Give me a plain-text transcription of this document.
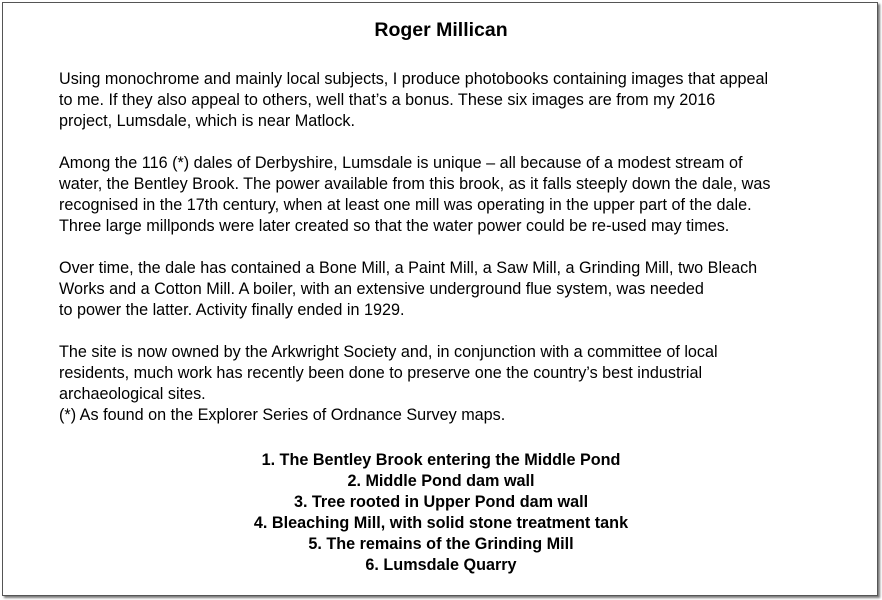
Roger Millican
Using monochrome and mainly local subjects, I produce photobooks containing images that appeal
to me. If they also appeal to others, well that’s a bonus. These six images are from my 2016
project, Lumsdale, which is near Matlock.
Among the 116 (*) dales of Derbyshire, Lumsdale is unique – all because of a modest stream of
water, the Bentley Brook. The power available from this brook, as it falls steeply down the dale, was
recognised in the 17th century, when at least one mill was operating in the upper part of the dale.
Three large millponds were later created so that the water power could be re-used may times.
Over time, the dale has contained a Bone Mill, a Paint Mill, a Saw Mill, a Grinding Mill, two Bleach
Works and a Cotton Mill. A boiler, with an extensive underground flue system, was needed
to power the latter. Activity finally ended in 1929.
The site is now owned by the Arkwright Society and, in conjunction with a committee of local
residents, much work has recently been done to preserve one the country’s best industrial
archaeological sites.
(*) As found on the Explorer Series of Ordnance Survey maps.
1. The Bentley Brook entering the Middle Pond
2. Middle Pond dam wall
3. Tree rooted in Upper Pond dam wall
4. Bleaching Mill, with solid stone treatment tank
5. The remains of the Grinding Mill
6. Lumsdale Quarry
